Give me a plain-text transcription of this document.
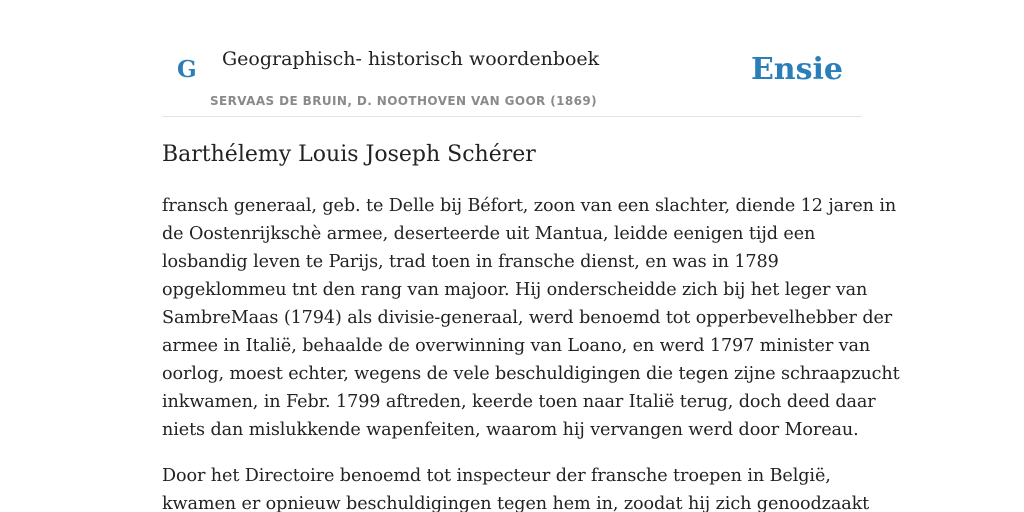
G Geographisch- historisch woordenboek
SERVAAS DE BRUIN, D. NOOTHOVEN VAN GOOR (1869)
Ensie
Barthélemy Louis Joseph Schérer

fransch generaal, geb. te Delle bij Béfort, zoon van een slachter, diende 12 jaren in
de Oostenrijkschè armee, deserteerde uit Mantua, leidde eenigen tijd een
losbandig leven te Parijs, trad toen in fransche dienst, en was in 1789
opgeklommeu tnt den rang van majoor. Hij onderscheidde zich bij het leger van
SambreMaas (1794) als divisie-generaal, werd benoemd tot opperbevelhebber der
armee in Italië, behaalde de overwinning van Loano, en werd 1797 minister van
oorlog, moest echter, wegens de vele beschuldigingen die tegen zijne schraapzucht
inkwamen, in Febr. 1799 aftreden, keerde toen naar Italië terug, doch deed daar
niets dan mislukkende wapenfeiten, waarom hij vervangen werd door Moreau.

Door het Directoire benoemd tot inspecteur der fransche troepen in België,
kwamen er opnieuw beschuldigingen tegen hem in, zoodat hij zich genoodzaakt
